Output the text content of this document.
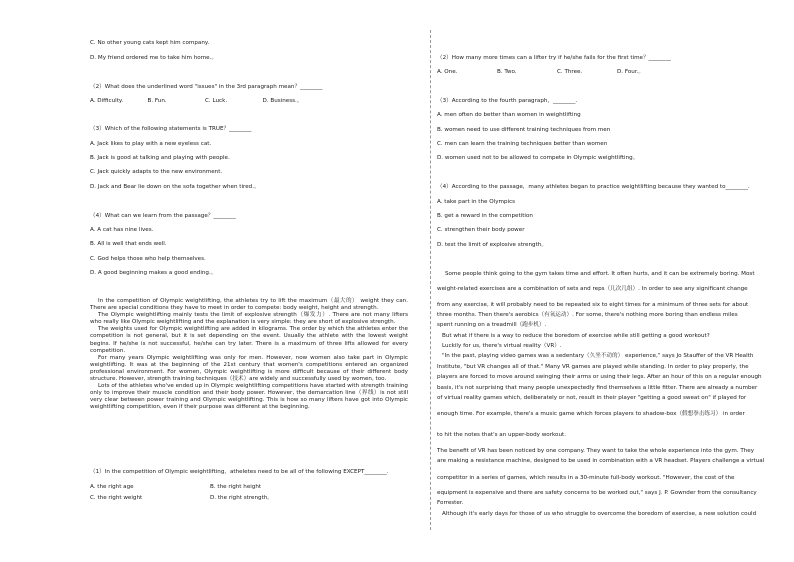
C. No other young cats kept him company.
D. My friend ordered me to take him home.。
（2）What does the underlined word "issues" in the 3rd paragraph mean？________
A. Difficulty.	B. Fun.	C. Luck.	D. Business.。
（3）Which of the following statements is TRUE？________
A. Jack likes to play with a new eyeless cat.
B. Jack is good at talking and playing with people.
C. Jack quickly adapts to the new environment.
D. Jack and Bear lie down on the sofa together when tired.。
（4）What can we learn from the passage？________
A. A cat has nine lives.
B. All is well that ends well.
C. God helps those who help themselves.
D. A good beginning makes a good ending.。

In the competition of Olympic weightlifting, the athletes try to lift the maximum（最大的） weight they can. There are special conditions they have to meet in order to compete: body weight, height and strength.

The Olympic weightlifting mainly tests the limit of explosive strength（爆发力）. There are not many lifters who really like Olympic weightlifting and the explanation is very simple: they are short of explosive strength.

The weights used for Olympic weightlifting are added in kilograms. The order by which the athletes enter the competition is not general, but it is set depending on the event. Usually the athlete with the lowest weight begins. If he/she is not successful, he/she can try later. There is a maximum of three lifts allowed for every competition.

For many years Olympic weightlifting was only for men. However, now women also take part in Olympic weightlifting. It was at the beginning of the 21st century that women's competitions entered an organized professional environment. For women, Olympic weightlifting is more difficult because of their different body structure. However, strength training techniques（技术）are widely and successfully used by women, too.

Lots of the athletes who've ended up in Olympic weightlifting competitions have started with strength training only to improve their muscle condition and their body power. However, the demarcation line（界线）is not still very clear between power training and Olympic weightlifting. This is how so many lifters have got into Olympic weightlifting competition, even if their purpose was different at the beginning.

（1）In the competition of Olympic weightlifting，atheletes need to be all of the following EXCEPT________.
A. the right age	B. the right height
C. the right weight	D. the right strength。
（2）How many more times can a lifter try if he/she fails for the first time？________
A. One.	B. Two.	C. Three.	D. Four.。
（3）According to the fourth paragraph，________.
A. men often do better than women in weightlifting
B. women need to use different training techniques from men
C. men can learn the training techniques better than women
D. women used not to be allowed to compete in Olympic weightlifting。
（4）According to the passage，many athletes began to practice weightlifting because they wanted to________.
A. take part in the Olympics
B. get a reward in the competition
C. strengthen their body power
D. test the limit of explosive strength。
Some people think going to the gym takes time and effort. It often hurts, and it can be extremely boring. Most
weight-related exercises are a combination of sets and reps（几次几组）. In order to see any significant change
from any exercise, it will probably need to be repeated six to eight times for a minimum of three sets for about
three months. Then there's aerobics（有氧运动）. For some, there's nothing more boring than endless miles
spent running on a treadmill（跑步机）.
But what if there is a way to reduce the boredom of exercise while still getting a good workout?
Luckily for us, there's virtual reality（VR）.
"In the past, playing video games was a sedentary（久坐不动的） experience," says Jo Stauffer of the VR Health
Institute, "but VR changes all of that." Many VR games are played while standing. In order to play properly, the
players are forced to move around swinging their arms or using their legs. After an hour of this on a regular enough
basis, it's not surprising that many people unexpectedly find themselves a little fitter. There are already a number
of virtual reality games which, deliberately or not, result in their player "getting a good sweat on" if played for
enough time. For example, there's a music game which forces players to shadow-box（假想拳击练习） in order
to hit the notes that's an upper-body workout.
The benefit of VR has been noticed by one company. They want to take the whole experience into the gym. They
are making a resistance machine, designed to be used in combination with a VR headset. Players challenge a virtual
competitor in a series of games, which results in a 30-minute full-body workout. "However, the cost of the
equipment is expensive and there are safety concerns to be worked out," says J. P. Gownder from the consultancy
Forrester.
Although it's early days for those of us who struggle to overcome the boredom of exercise, a new solution could
